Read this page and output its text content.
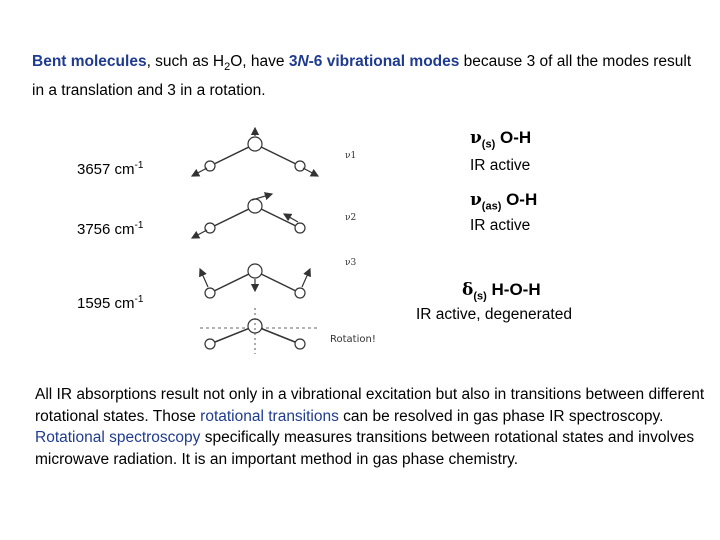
Bent molecules, such as $H_2O$, have 3N-6 vibrational modes because 3 of all the modes result in a translation and 3 in a rotation.
3657 $cm^{-1}$
3756 $cm^{-1}$
1595 $cm^{-1}$
$\nu_{(s)}$ O-H
IR active
$\nu_{(as)}$ O-H
IR active
$\delta_{(s)}$ H-O-H
IR active, degenerated
ν1
ν2
ν3
Rotation!
All IR absorptions result not only in a vibrational excitation but also in transitions between different rotational states. Those rotational transitions can be resolved in gas phase IR spectroscopy. Rotational spectroscopy specifically measures transitions between rotational states and involves microwave radiation. It is an important method in gas phase chemistry.
